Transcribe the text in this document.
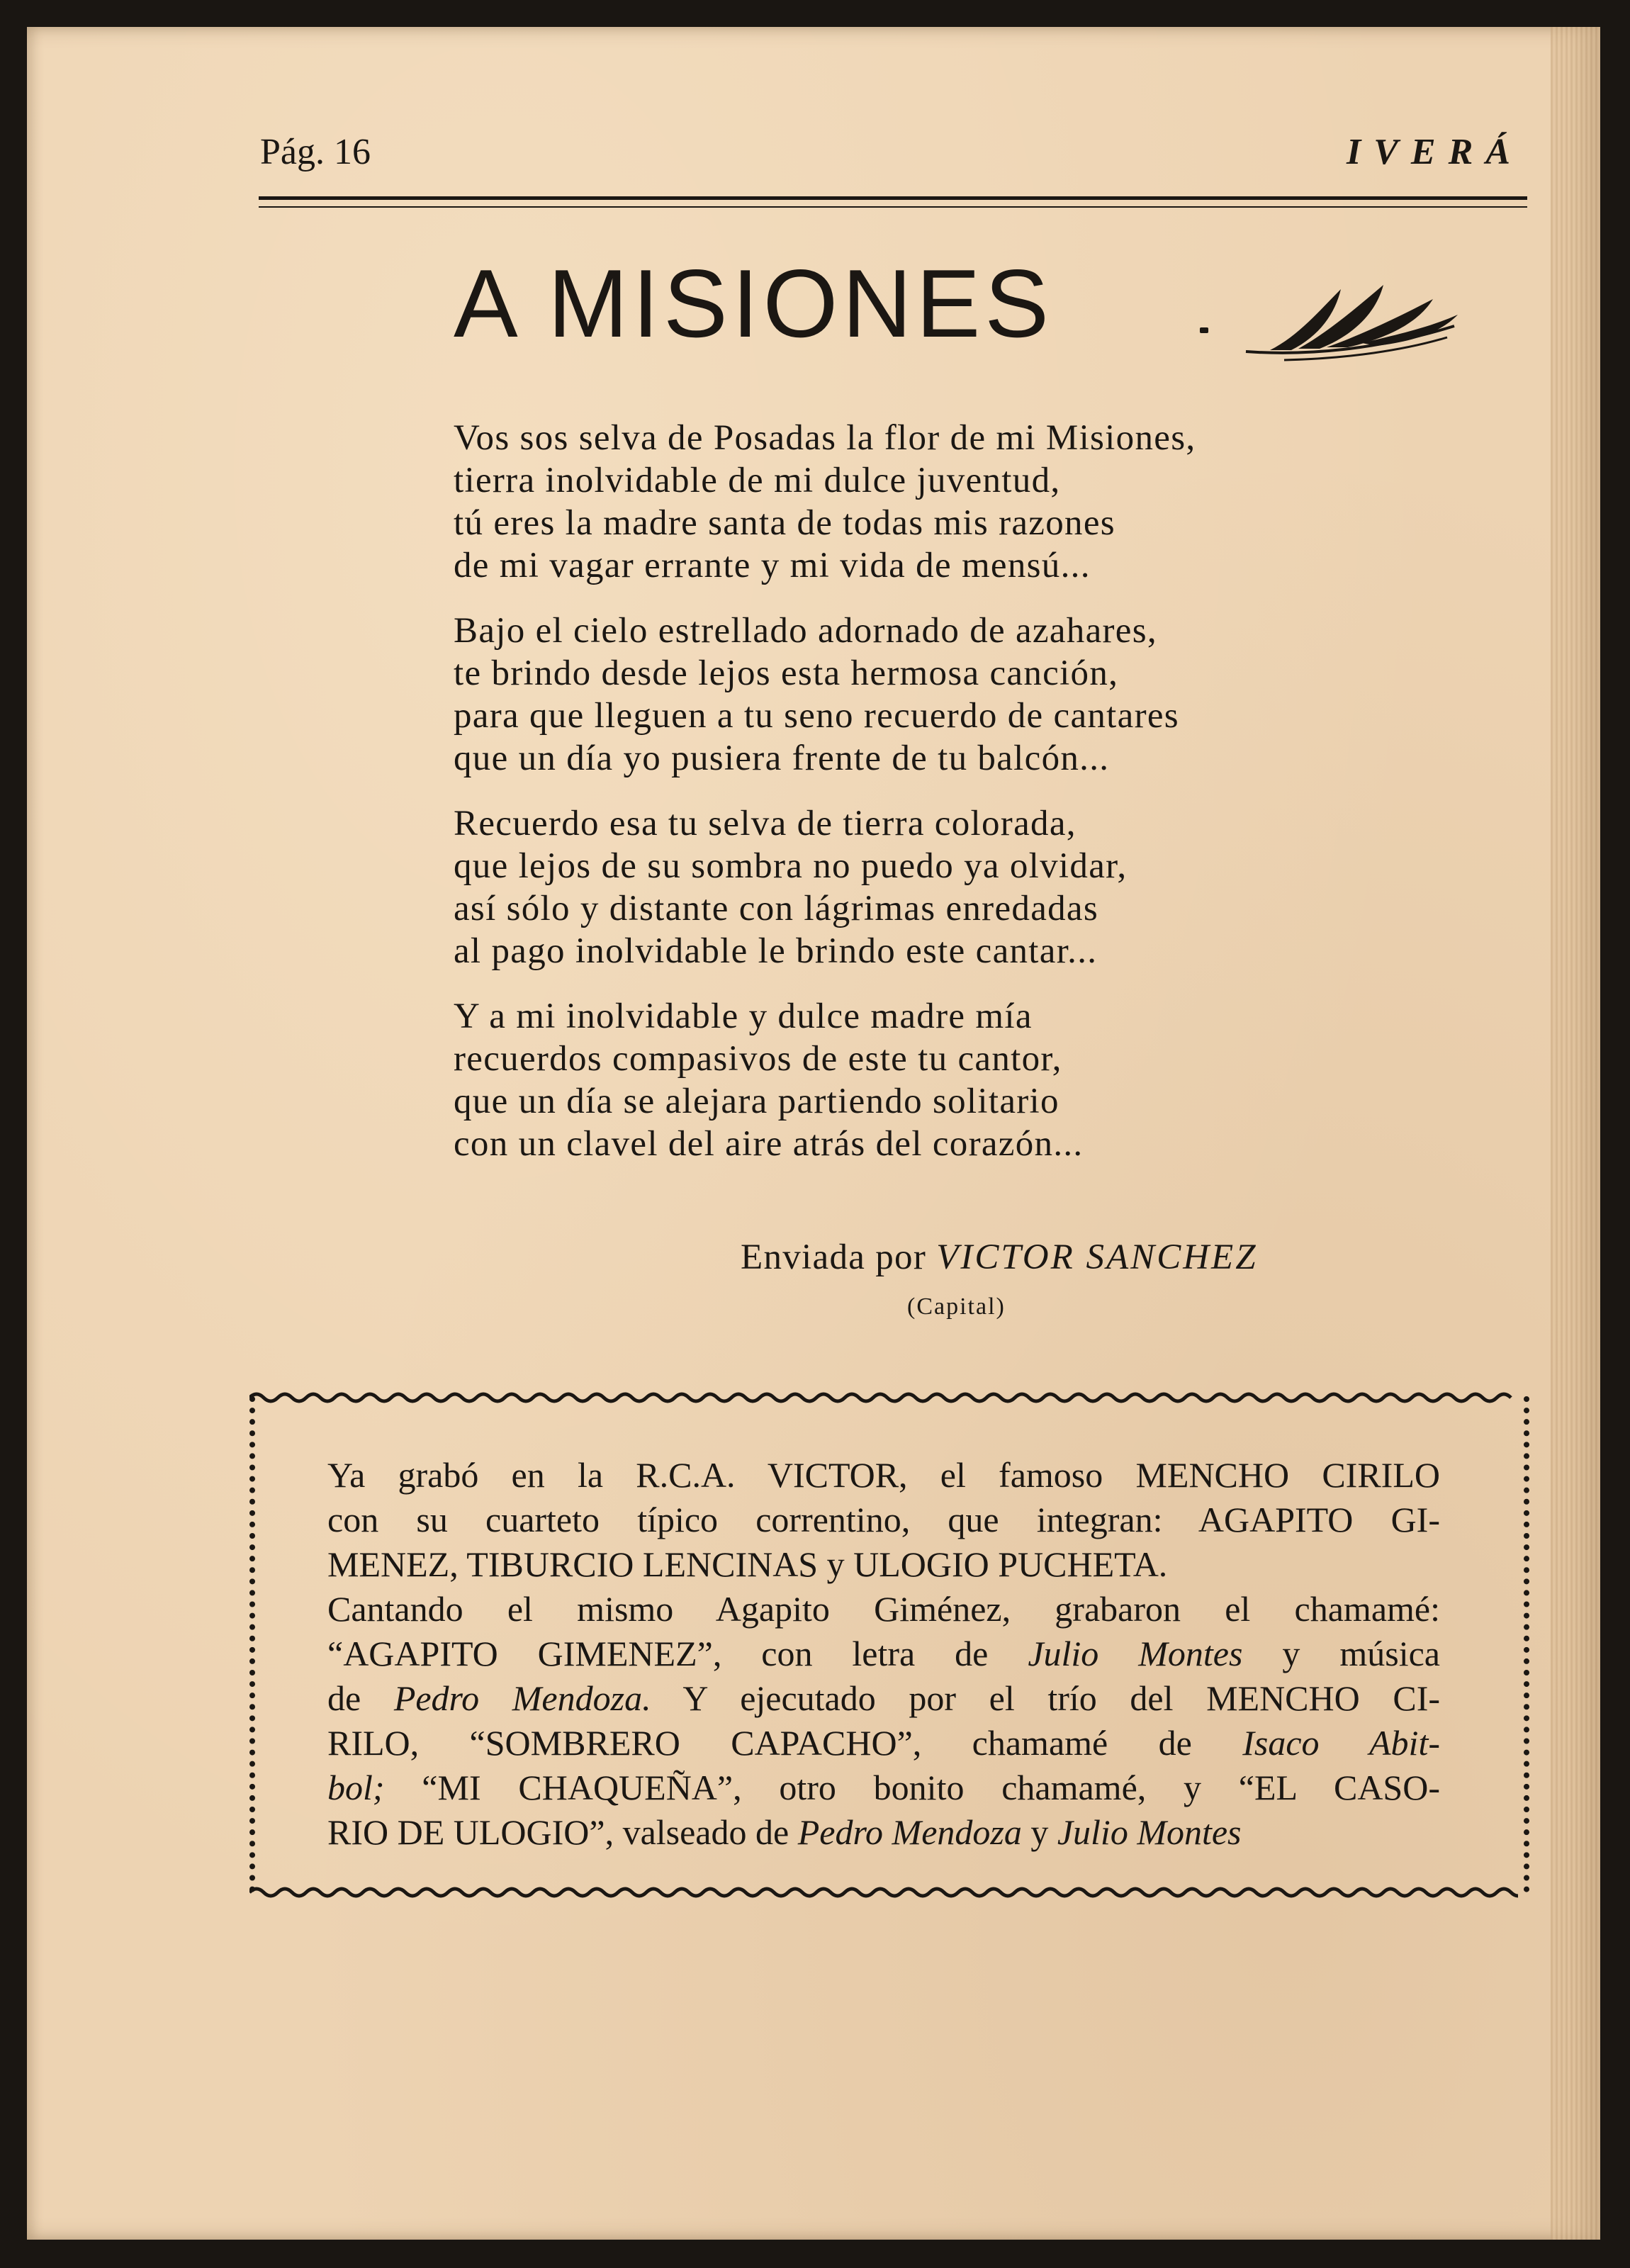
Pág. 16	IVERÁ
A MISIONES
Vos sos selva de Posadas la flor de mi Misiones,
tierra inolvidable de mi dulce juventud,
tú eres la madre santa de todas mis razones
de mi vagar errante y mi vida de mensú...
Bajo el cielo estrellado adornado de azahares,
te brindo desde lejos esta hermosa canción,
para que lleguen a tu seno recuerdo de cantares
que un día yo pusiera frente de tu balcón...
Recuerdo esa tu selva de tierra colorada,
que lejos de su sombra no puedo ya olvidar,
así sólo y distante con lágrimas enredadas
al pago inolvidable le brindo este cantar...
Y a mi inolvidable y dulce madre mía
recuerdos compasivos de este tu cantor,
que un día se alejara partiendo solitario
con un clavel del aire atrás del corazón...
Enviada por VICTOR SANCHEZ
(Capital)
Ya grabó en la R.C.A. VICTOR, el famoso MENCHO CIRILO
con su cuarteto típico correntino, que integran: AGAPITO GI-
MENEZ, TIBURCIO LENCINAS y ULOGIO PUCHETA.
Cantando el mismo Agapito Giménez, grabaron el chamamé:
“AGAPITO GIMENEZ”, con letra de Julio Montes y música
de Pedro Mendoza. Y ejecutado por el trío del MENCHO CI-
RILO, “SOMBRERO CAPACHO”, chamamé de Isaco Abit-
bol; “MI CHAQUEÑA”, otro bonito chamamé, y “EL CASO-
RIO DE ULOGIO”, valseado de Pedro Mendoza y Julio Montes
